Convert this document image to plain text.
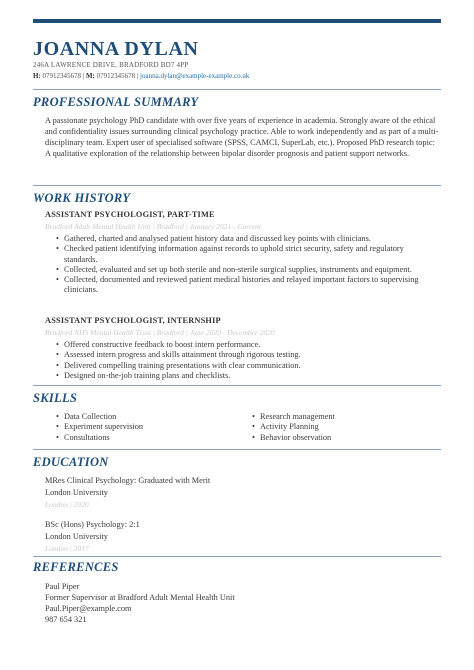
JOANNA DYLAN
246A LAWRENCE DRIVE, BRADFORD BD7 4PP
H: 07912345678 | M: 07912345678 | joanna.dylan@example-example.co.uk
PROFESSIONAL SUMMARY
A passionate psychology PhD candidate with over five years of experience in academia. Strongly aware of the ethical and confidentiality issues surrounding clinical psychology practice. Able to work independently and as part of a multi-disciplinary team. Expert user of specialised software (SPSS, CAMCI, SuperLab, etc.). Proposed PhD research topic: A qualitative exploration of the relationship between bipolar disorder prognosis and patient support networks.
WORK HISTORY
ASSISTANT PSYCHOLOGIST, PART-TIME
Bradford Adult Mental Health Unit | Bradford | January 2021 - Current
• Gathered, charted and analysed patient history data and discussed key points with clinicians.
• Checked patient identifying information against records to uphold strict security, safety and regulatory standards.
• Collected, evaluated and set up both sterile and non-sterile surgical supplies, instruments and equipment.
• Collected, documented and reviewed patient medical histories and relayed important factors to supervising clinicians.
ASSISTANT PSYCHOLOGIST, INTERNSHIP
Bradford NHS Mental Health Trust | Bradford | June 2020 - December 2020
• Offered constructive feedback to boost intern performance.
• Assessed intern progress and skills attainment through rigorous testing.
• Delivered compelling training presentations with clear communication.
• Designed on-the-job training plans and checklists.
SKILLS
• Data Collection
• Experiment supervision
• Consultations
• Research management
• Activity Planning
• Behavior observation
EDUCATION
MRes Clinical Psychology: Graduated with Merit
London University
London | 2020
BSc (Hons) Psychology: 2:1
London University
London | 2017
REFERENCES
Paul Piper
Former Supervisor at Bradford Adult Mental Health Unit
Paul.Piper@example.com
987 654 321
